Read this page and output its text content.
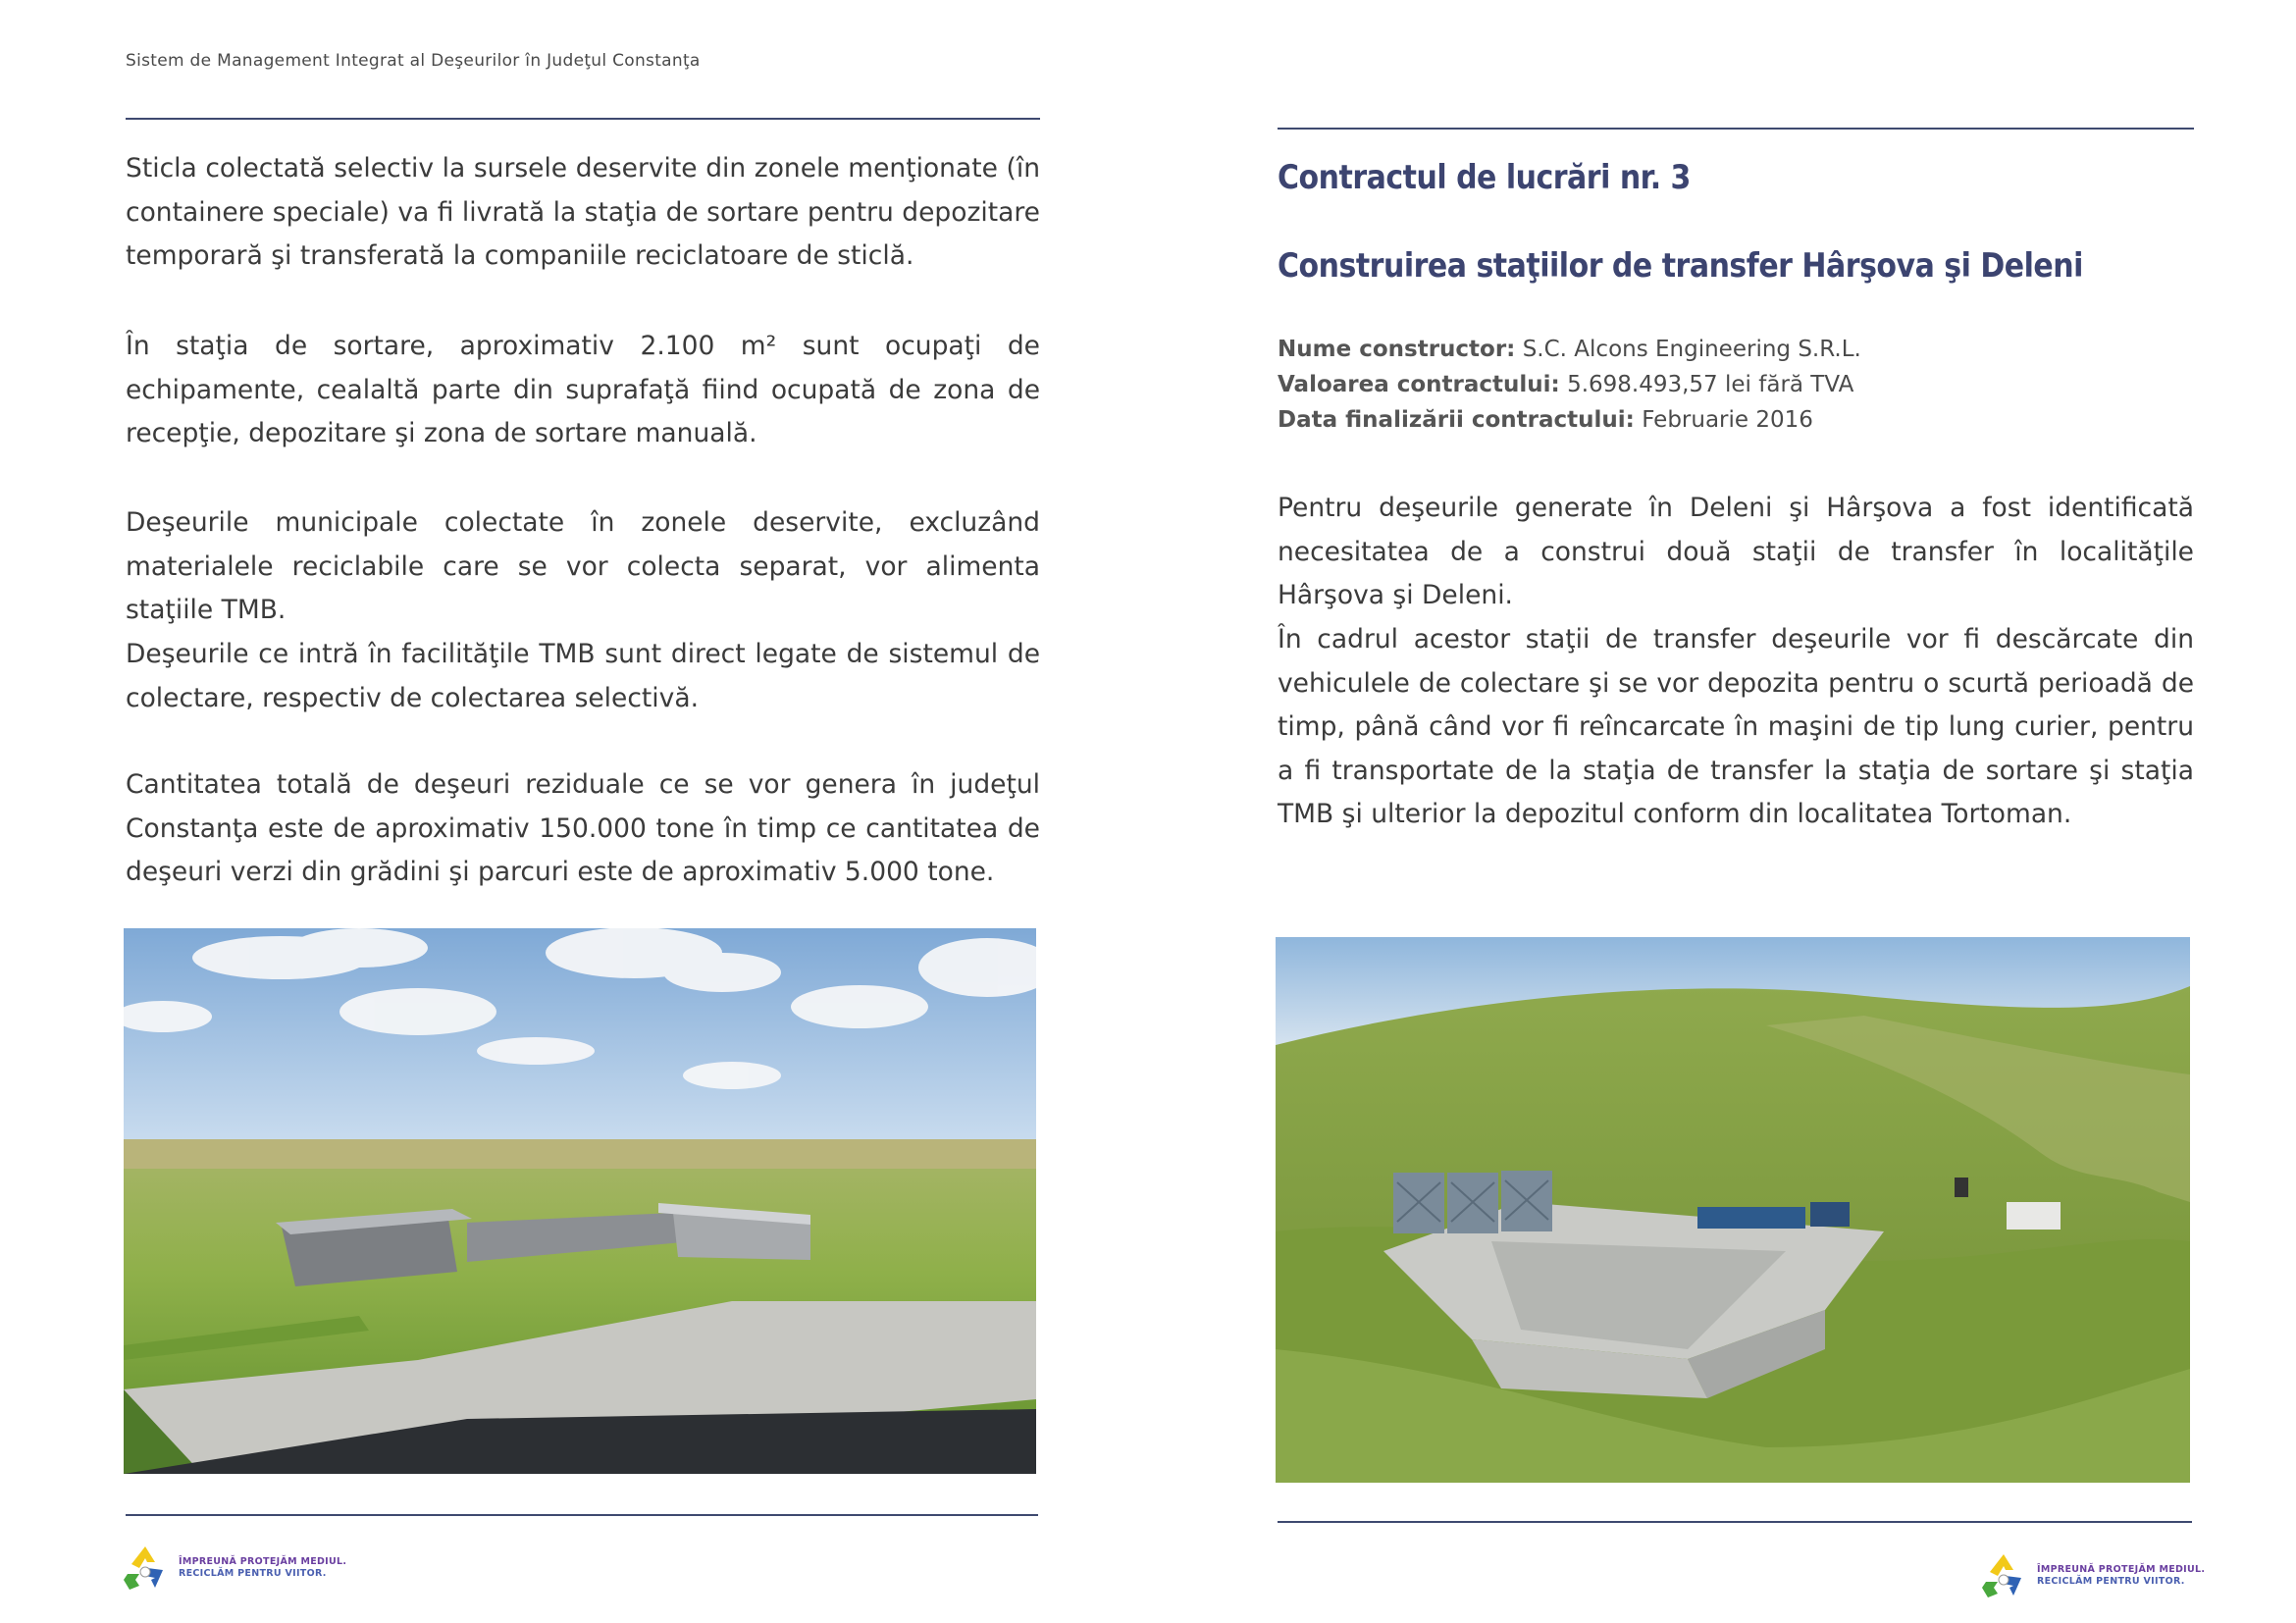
Sistem de Management Integrat al Deşeurilor în Judeţul Constanţa

Sticla colectată selectiv la sursele deservite din zonele menţionate (în containere speciale) va fi livrată la staţia de sortare pentru depozitare temporară şi transferată la companiile reciclatoare de sticlă.

În staţia de sortare, aproximativ 2.100 m² sunt ocupaţi de echipamente, cealaltă parte din suprafaţă fiind ocupată de zona de recepţie, depozitare şi zona de sortare manuală.

Deşeurile municipale colectate în zonele deservite, excluzând materialele reciclabile care se vor colecta separat, vor alimenta staţiile TMB.

Deşeurile ce intră în facilităţile TMB sunt direct legate de sistemul de colectare, respectiv de colectarea selectivă.

Cantitatea totală de deşeuri reziduale ce se vor genera în judeţul Constanţa este de aproximativ 150.000 tone în timp ce cantitatea de deşeuri verzi din grădini şi parcuri este de aproximativ 5.000 tone.

ÎMPREUNĂ PROTEJĂM MEDIUL.
RECICLĂM PENTRU VIITOR.
Contractul de lucrări nr. 3
Construirea staţiilor de transfer Hârşova şi Deleni
Nume constructor: S.C. Alcons Engineering S.R.L.
Valoarea contractului: 5.698.493,57 lei fără TVA
Data finalizării contractului: Februarie 2016

Pentru deşeurile generate în Deleni şi Hârşova a fost identificată necesitatea de a construi două staţii de transfer în localităţile Hârşova şi Deleni.

În cadrul acestor staţii de transfer deşeurile vor fi descărcate din vehiculele de colectare şi se vor depozita pentru o scurtă perioadă de timp, până când vor fi reîncarcate în maşini de tip lung curier, pentru a fi transportate de la staţia de transfer la staţia de sortare şi staţia TMB şi ulterior la depozitul conform din localitatea Tortoman.

ÎMPREUNĂ PROTEJĂM MEDIUL.
RECICLĂM PENTRU VIITOR.
